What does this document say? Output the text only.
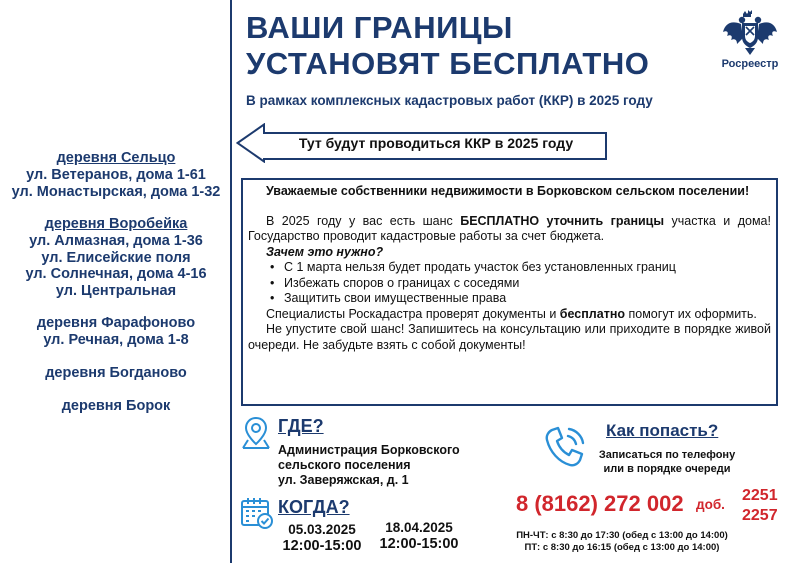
деревня Сельцо
ул. Ветеранов, дома 1-61
ул. Монастырская, дома 1-32
деревня Воробейка
ул. Алмазная, дома 1-36
ул. Елисейские поля
ул. Солнечная, дома 4-16
ул. Центральная
деревня Фарафоново
ул. Речная, дома 1-8
деревня Богданово
деревня Борок
ВАШИ ГРАНИЦЫ
УСТАНОВЯТ БЕСПЛАТНО
В рамках комплексных кадастровых работ (ККР) в 2025 году
Росреестр
Тут будут проводиться ККР в 2025 году

Уважаемые собственники недвижимости в Борковском сельском поселении!

В 2025 году у вас есть шанс БЕСПЛАТНО уточнить границы участка и дома! Государство проводит кадастровые работы за счет бюджета.

Зачем это нужно?
• С 1 марта нельзя будет продать участок без установленных границ
• Избежать споров о границах с соседями
• Защитить свои имущественные права

Специалисты Роскадастра проверят документы и бесплатно помогут их оформить.

Не упустите свой шанс! Запишитесь на консультацию или приходите в порядке живой очереди. Не забудьте взять с собой документы!

ГДЕ?
Администрация Борковского
сельского поселения
ул. Заверяжская, д. 1
КОГДА?
05.03.2025
12:00-15:00
18.04.2025
12:00-15:00
Как попасть?
Записаться по телефону
или в порядке очереди
8 (8162) 272 002 доб.
2251
2257
ПН-ЧТ: с 8:30 до 17:30 (обед с 13:00 до 14:00)
ПТ: с 8:30 до 16:15 (обед с 13:00 до 14:00)
